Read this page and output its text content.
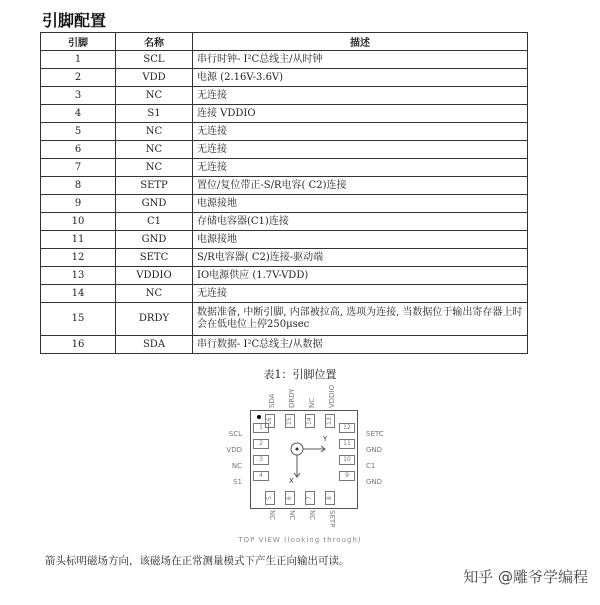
引脚配置
引脚	名称	描述
1	SCL	串行时钟- I²C总线主/从时钟
2	VDD	电源 (2.16V-3.6V)
3	NC	无连接
4	S1	连接 VDDIO
5	NC	无连接
6	NC	无连接
7	NC	无连接
8	SETP	置位/复位带正-S/R电容( C2)连接
9	GND	电源接地
10	C1	存储电容器(C1)连接
11	GND	电源接地
12	SETC	S/R电容器( C2)连接-驱动端
13	VDDIO	IO电源供应 (1.7V-VDD)
14	NC	无连接
15	DRDY	数据准备, 中断引脚, 内部被拉高, 选项为连接, 当数据位于输出寄存器上时会在低电位上停250μsec
16	SDA	串行数据- I²C总线主/从数据
表1：引脚位置
Y
X
16
5
1	12
15
6
2	11
14
7
3	10
13
8
4	9
SDA
NC
SCL	SETC
DRDY
NC
VDD	GND
NC
NC
NC	C1
VDDIO
SETP
S1	GND
TOP VIEW (looking through)
箭头标明磁场方向，该磁场在正常测量模式下产生正向输出可读。
知乎 @雕爷学编程
